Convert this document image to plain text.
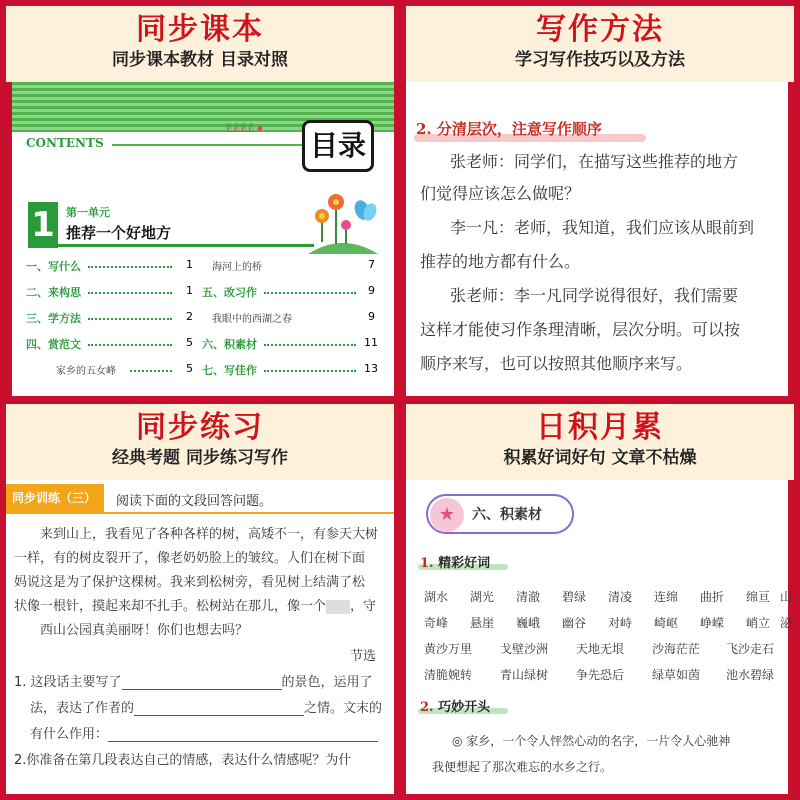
同步课本
同步课本教材 目录对照
ЁЁЁЁ♦
CONTENTS	目录
1 第一单元
推荐一个好地方
一、写什么	1
二、来构思	1
三、学方法	2
四、赏范文	5
家乡的五女峰	5
海河上的桥	7
五、改习作	9
我眼中的西湖之春	9
六、积素材	11
七、写佳作	13
写作方法
学习写作技巧以及方法
2. 分清层次，注意写作顺序
张老师：同学们，在描写这些推荐的地方
们觉得应该怎么做呢？
李一凡：老师，我知道，我们应该从眼前到
推荐的地方都有什么。
张老师：李一凡同学说得很好，我们需要
这样才能使习作条理清晰，层次分明。可以按
顺序来写，也可以按照其他顺序来写。
同步练习
经典考题 同步练习写作
同步训练（三）	阅读下面的文段回答问题。
来到山上，我看见了各种各样的树，高矮不一，有参天大树
一样，有的树皮裂开了，像老奶奶脸上的皱纹。人们在树下面
妈说这是为了保护这棵树。我来到松树旁，看见树上结满了松
状像一根针，摸起来却不扎手。松树站在那儿，像一个 ，守
西山公园真美丽呀！你们也想去吗？
节选
1. 这段话主要写了	的景色，运用了
法，表达了作者的	之情。文末的
有什么作用：
2.你准备在第几段表达自己的情感，表达什么情感呢？为什
日积月累
积累好词好句 文章不枯燥
★	六、积素材
1. 精彩好词
湖水 湖光 清澈 碧绿 清凌 连绵 曲折 绵亘 山
奇峰 悬崖 巍峨 幽谷 对峙 崎岖 峥嵘 峭立 泌
黄沙万里 戈壁沙洲 天地无垠 沙海茫茫 飞沙走石
清脆婉转 青山绿树 争先恐后 绿草如茵 池水碧绿
2. 巧妙开头
◎ 家乡，一个令人怦然心动的名字，一片令人心驰神
我便想起了那次难忘的水乡之行。
